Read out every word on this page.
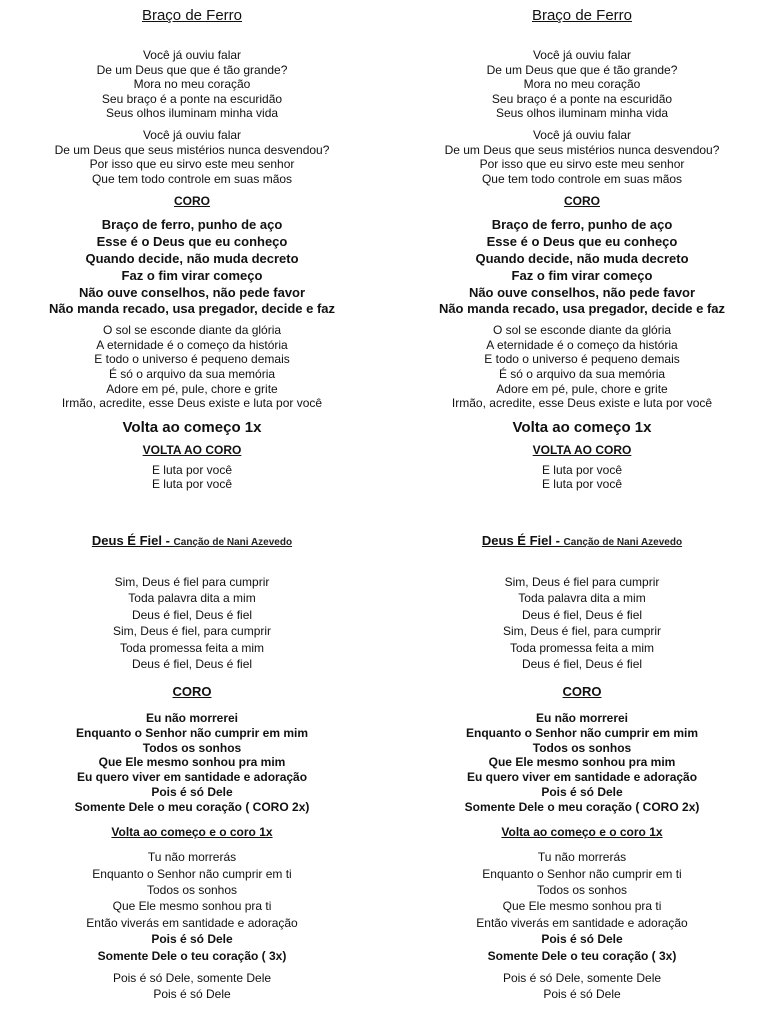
Braço de Ferro
Você já ouviu falar
De um Deus que que é tão grande?
Mora no meu coração
Seu braço é a ponte na escuridão
Seus olhos iluminam minha vida
Você já ouviu falar
De um Deus que seus mistérios nunca desvendou?
Por isso que eu sirvo este meu senhor
Que tem todo controle em suas mãos
CORO
Braço de ferro, punho de aço
Esse é o Deus que eu conheço
Quando decide, não muda decreto
Faz o fim virar começo
Não ouve conselhos, não pede favor
Não manda recado, usa pregador, decide e faz
O sol se esconde diante da glória
A eternidade é o começo da história
E todo o universo é pequeno demais
É só o arquivo da sua memória
Adore em pé, pule, chore e grite
Irmão, acredite, esse Deus existe e luta por você
Volta ao começo 1x
VOLTA AO CORO
E luta por você
E luta por você
Deus É Fiel - Canção de Nani Azevedo
Sim, Deus é fiel para cumprir
Toda palavra dita a mim
Deus é fiel, Deus é fiel
Sim, Deus é fiel, para cumprir
Toda promessa feita a mim
Deus é fiel, Deus é fiel
CORO
Eu não morrerei
Enquanto o Senhor não cumprir em mim
Todos os sonhos
Que Ele mesmo sonhou pra mim
Eu quero viver em santidade e adoração
Pois é só Dele
Somente Dele o meu coração ( CORO 2x)
Volta ao começo e o coro 1x
Tu não morrerás
Enquanto o Senhor não cumprir em ti
Todos os sonhos
Que Ele mesmo sonhou pra ti
Então viverás em santidade e adoração
Pois é só Dele
Somente Dele o teu coração ( 3x)
Pois é só Dele, somente Dele
Pois é só Dele
Braço de Ferro
Você já ouviu falar
De um Deus que que é tão grande?
Mora no meu coração
Seu braço é a ponte na escuridão
Seus olhos iluminam minha vida
Você já ouviu falar
De um Deus que seus mistérios nunca desvendou?
Por isso que eu sirvo este meu senhor
Que tem todo controle em suas mãos
CORO
Braço de ferro, punho de aço
Esse é o Deus que eu conheço
Quando decide, não muda decreto
Faz o fim virar começo
Não ouve conselhos, não pede favor
Não manda recado, usa pregador, decide e faz
O sol se esconde diante da glória
A eternidade é o começo da história
E todo o universo é pequeno demais
É só o arquivo da sua memória
Adore em pé, pule, chore e grite
Irmão, acredite, esse Deus existe e luta por você
Volta ao começo 1x
VOLTA AO CORO
E luta por você
E luta por você
Deus É Fiel - Canção de Nani Azevedo
Sim, Deus é fiel para cumprir
Toda palavra dita a mim
Deus é fiel, Deus é fiel
Sim, Deus é fiel, para cumprir
Toda promessa feita a mim
Deus é fiel, Deus é fiel
CORO
Eu não morrerei
Enquanto o Senhor não cumprir em mim
Todos os sonhos
Que Ele mesmo sonhou pra mim
Eu quero viver em santidade e adoração
Pois é só Dele
Somente Dele o meu coração ( CORO 2x)
Volta ao começo e o coro 1x
Tu não morrerás
Enquanto o Senhor não cumprir em ti
Todos os sonhos
Que Ele mesmo sonhou pra ti
Então viverás em santidade e adoração
Pois é só Dele
Somente Dele o teu coração ( 3x)
Pois é só Dele, somente Dele
Pois é só Dele
